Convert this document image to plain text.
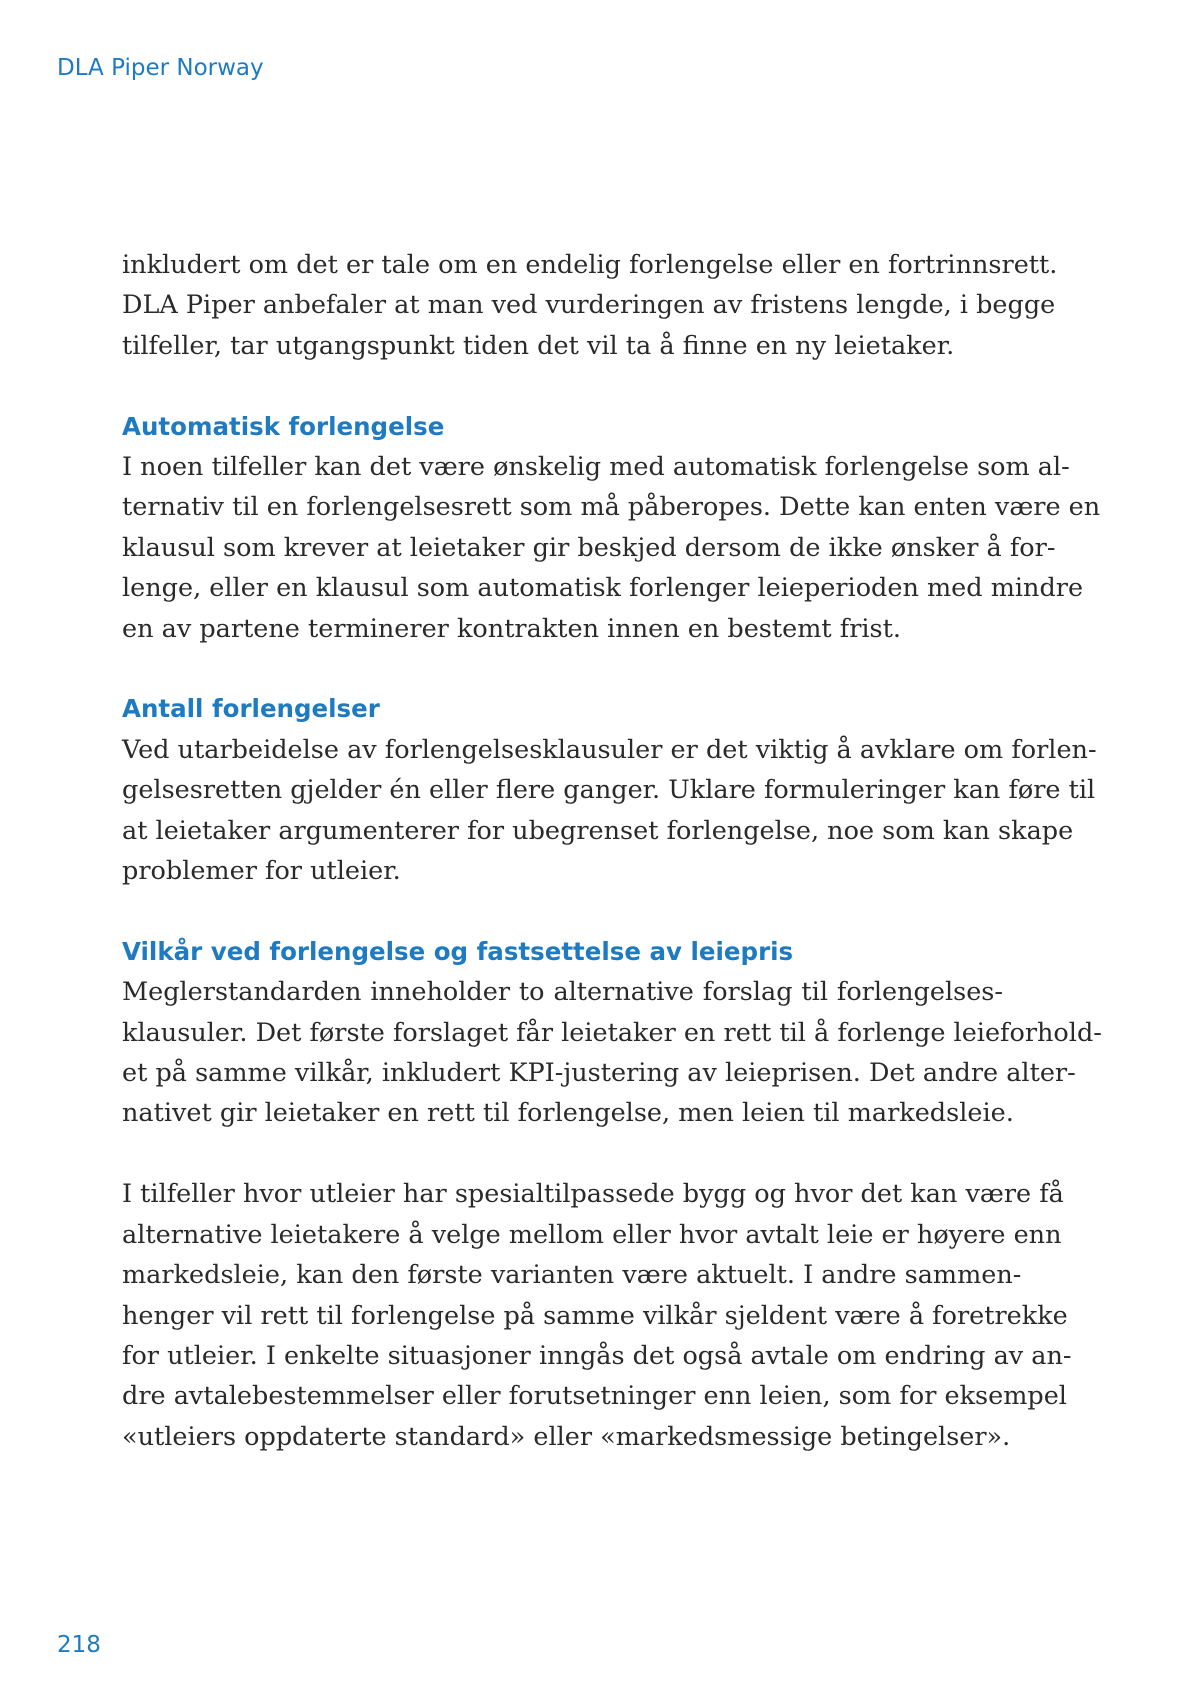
DLA Piper Norway

inkludert om det er tale om en endelig forlengelse eller en fortrinnsrett.
DLA Piper anbefaler at man ved vurderingen av fristens lengde, i begge
tilfeller, tar utgangspunkt tiden det vil ta å finne en ny leietaker.

Automatisk forlengelse

I noen tilfeller kan det være ønskelig med automatisk forlengelse som al-
ternativ til en forlengelsesrett som må påberopes. Dette kan enten være en
klausul som krever at leietaker gir beskjed dersom de ikke ønsker å for-
lenge, eller en klausul som automatisk forlenger leieperioden med mindre
en av partene terminerer kontrakten innen en bestemt frist.

Antall forlengelser

Ved utarbeidelse av forlengelsesklausuler er det viktig å avklare om forlen-
gelsesretten gjelder én eller flere ganger. Uklare formuleringer kan føre til
at leietaker argumenterer for ubegrenset forlengelse, noe som kan skape
problemer for utleier.

Vilkår ved forlengelse og fastsettelse av leiepris

Meglerstandarden inneholder to alternative forslag til forlengelses-
klausuler. Det første forslaget får leietaker en rett til å forlenge leieforhold-
et på samme vilkår, inkludert KPI-justering av leieprisen. Det andre alter-
nativet gir leietaker en rett til forlengelse, men leien til markedsleie.

I tilfeller hvor utleier har spesialtilpassede bygg og hvor det kan være få
alternative leietakere å velge mellom eller hvor avtalt leie er høyere enn
markedsleie, kan den første varianten være aktuelt. I andre sammen-
henger vil rett til forlengelse på samme vilkår sjeldent være å foretrekke
for utleier. I enkelte situasjoner inngås det også avtale om endring av an-
dre avtalebestemmelser eller forutsetninger enn leien, som for eksempel
«utleiers oppdaterte standard» eller «markedsmessige betingelser».

218
